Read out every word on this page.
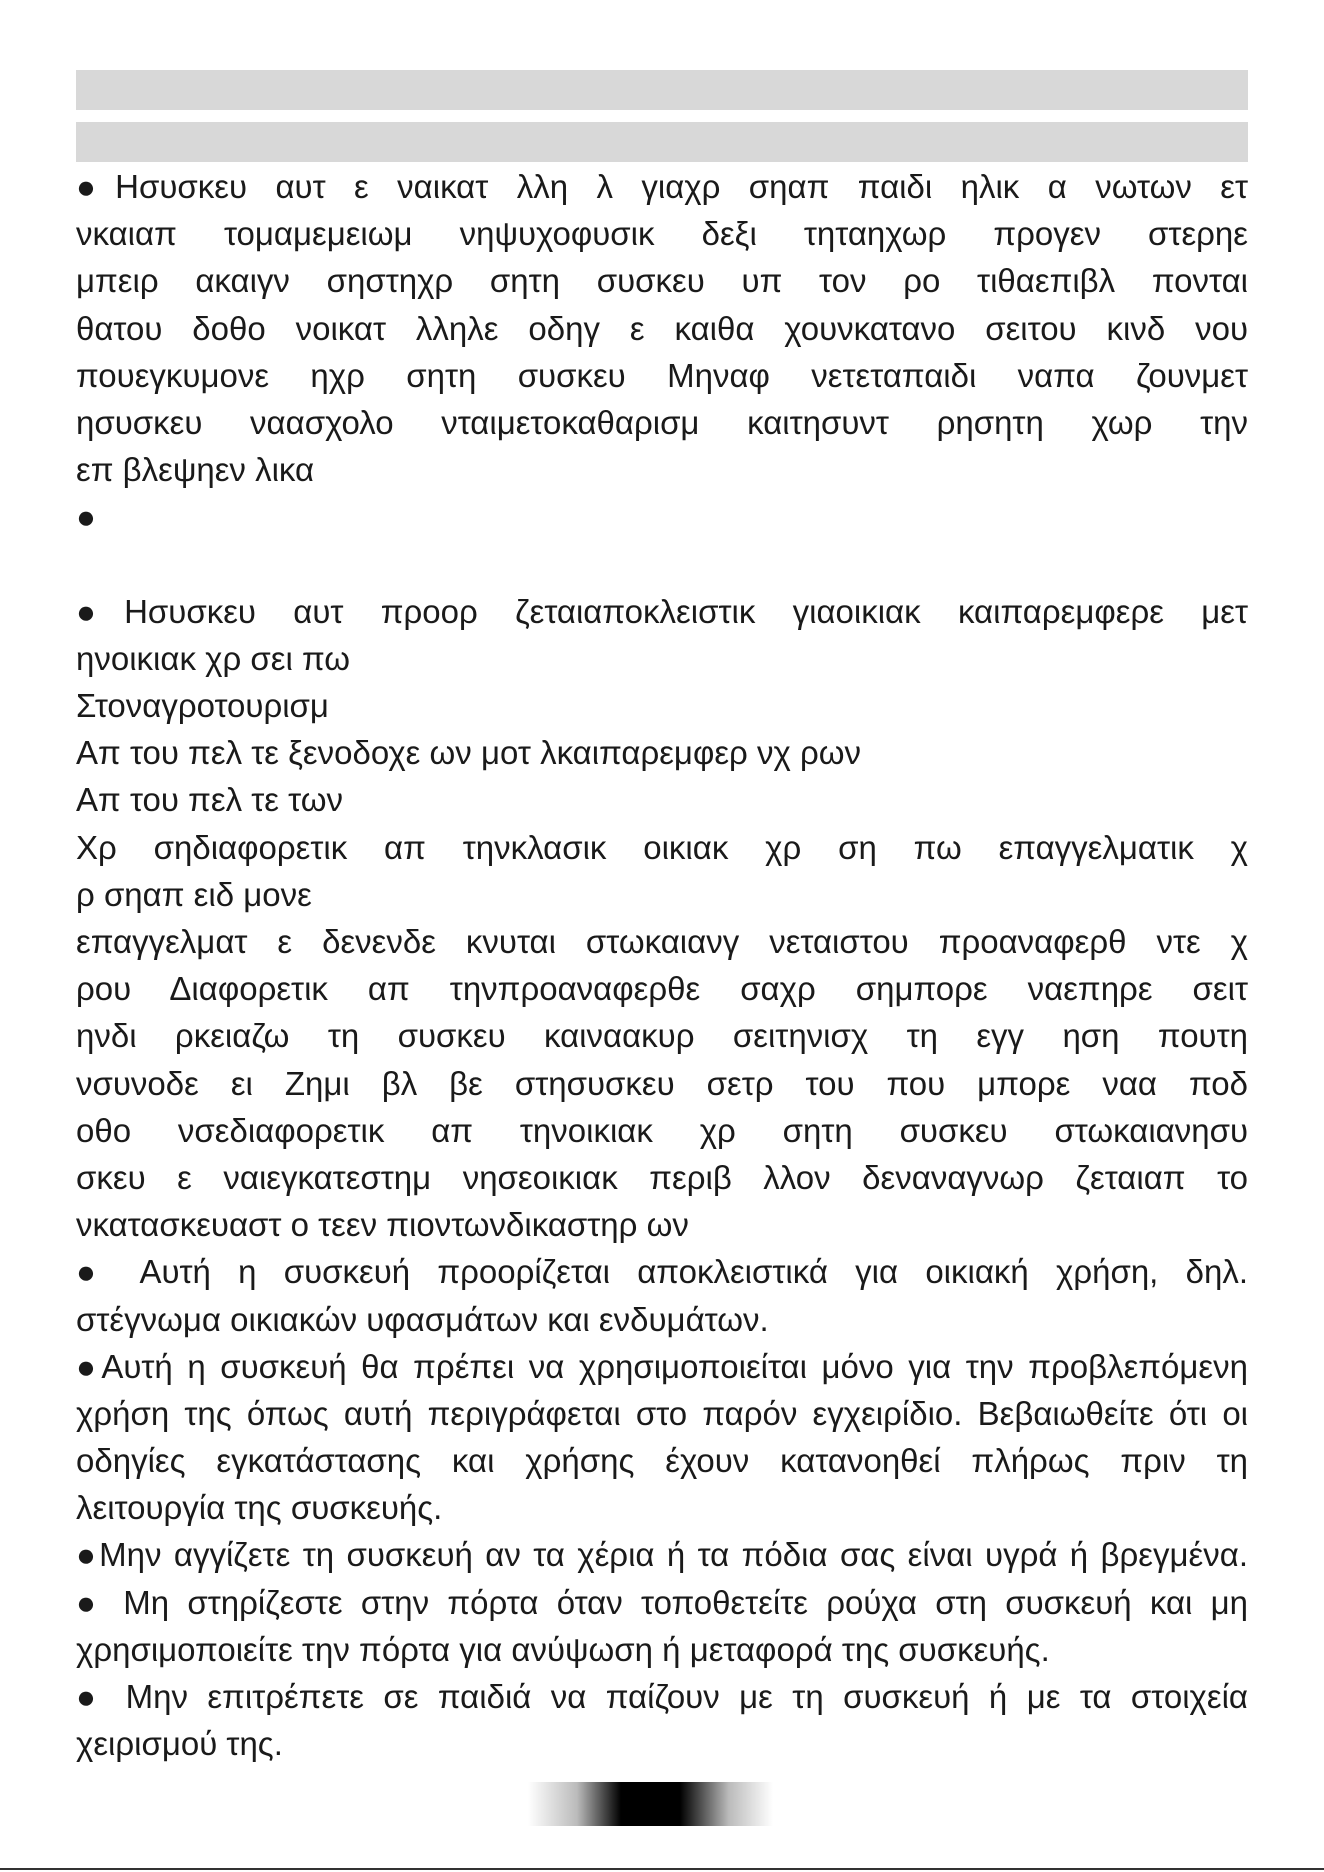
●Ησυσκευ αυτ ε ναικατ λλη λ γιαχρ σηαπ παιδι ηλικ α νωτων ετ
νκαιαπ τομαμεμειωμ νηψυχοφυσικ δεξι τηταηχωρ προγεν στερηε
μπειρ ακαιγν σηστηχρ σητη συσκευ υπ τον ρο τιθαεπιβλ πονται
θατου δοθο νοικατ λληλε οδηγ ε καιθα χουνκατανο σειτου κινδ νου
πουεγκυμονε ηχρ σητη συσκευ Μηναφ νετεταπαιδι ναπα ζουνμετ
ησυσκευ ναασχολο νταιμετοκαθαρισμ καιτησυντ ρησητη χωρ την
επ βλεψηεν λικα
●

●Ησυσκευ αυτ προορ ζεταιαποκλειστικ γιαοικιακ καιπαρεμφερε μετ
ηνοικιακ χρ σει πω
Στοναγροτουρισμ
Απ του πελ τε ξενοδοχε ων μοτ λκαιπαρεμφερ νχ ρων
Απ του πελ τε των
Χρ σηδιαφορετικ απ τηνκλασικ οικιακ χρ ση πω επαγγελματικ χ
ρ σηαπ ειδ μονε
επαγγελματ ε δενενδε κνυται στωκαιανγ νεταιστου προαναφερθ ντε χ
ρου Διαφορετικ απ τηνπροαναφερθε σαχρ σημπορε ναεπηρε σειτ
ηνδι ρκειαζω τη συσκευ καιναακυρ σειτηνισχ τη εγγ ηση πουτη
νσυνοδε ει Ζημι βλ βε στησυσκευ σετρ του που μπορε ναα ποδ
οθο νσεδιαφορετικ απ τηνοικιακ χρ σητη συσκευ στωκαιανησυ
σκευ ε ναιεγκατεστημ νησεοικιακ περιβ λλον δεναναγνωρ ζεταιαπ το
νκατασκευαστ ο τεεν πιοντωνδικαστηρ ων
● Αυτή η συσκευή προορίζεται αποκλειστικά για οικιακή χρήση, δηλ.
στέγνωμα οικιακών υφασμάτων και ενδυμάτων.
●Αυτή η συσκευή θα πρέπει να χρησιμοποιείται μόνο για την προβλεπόμενη
χρήση της όπως αυτή περιγράφεται στο παρόν εγχειρίδιο. Βεβαιωθείτε ότι οι
οδηγίες εγκατάστασης και χρήσης έχουν κατανοηθεί πλήρως πριν τη
λειτουργία της συσκευής.
●Μην αγγίζετε τη συσκευή αν τα χέρια ή τα πόδια σας είναι υγρά ή βρεγμένα.
● Μη στηρίζεστε στην πόρτα όταν τοποθετείτε ρούχα στη συσκευή και μη
χρησιμοποιείτε την πόρτα για ανύψωση ή μεταφορά της συσκευής.
● Μην επιτρέπετε σε παιδιά να παίζουν με τη συσκευή ή με τα στοιχεία
χειρισμού της.
